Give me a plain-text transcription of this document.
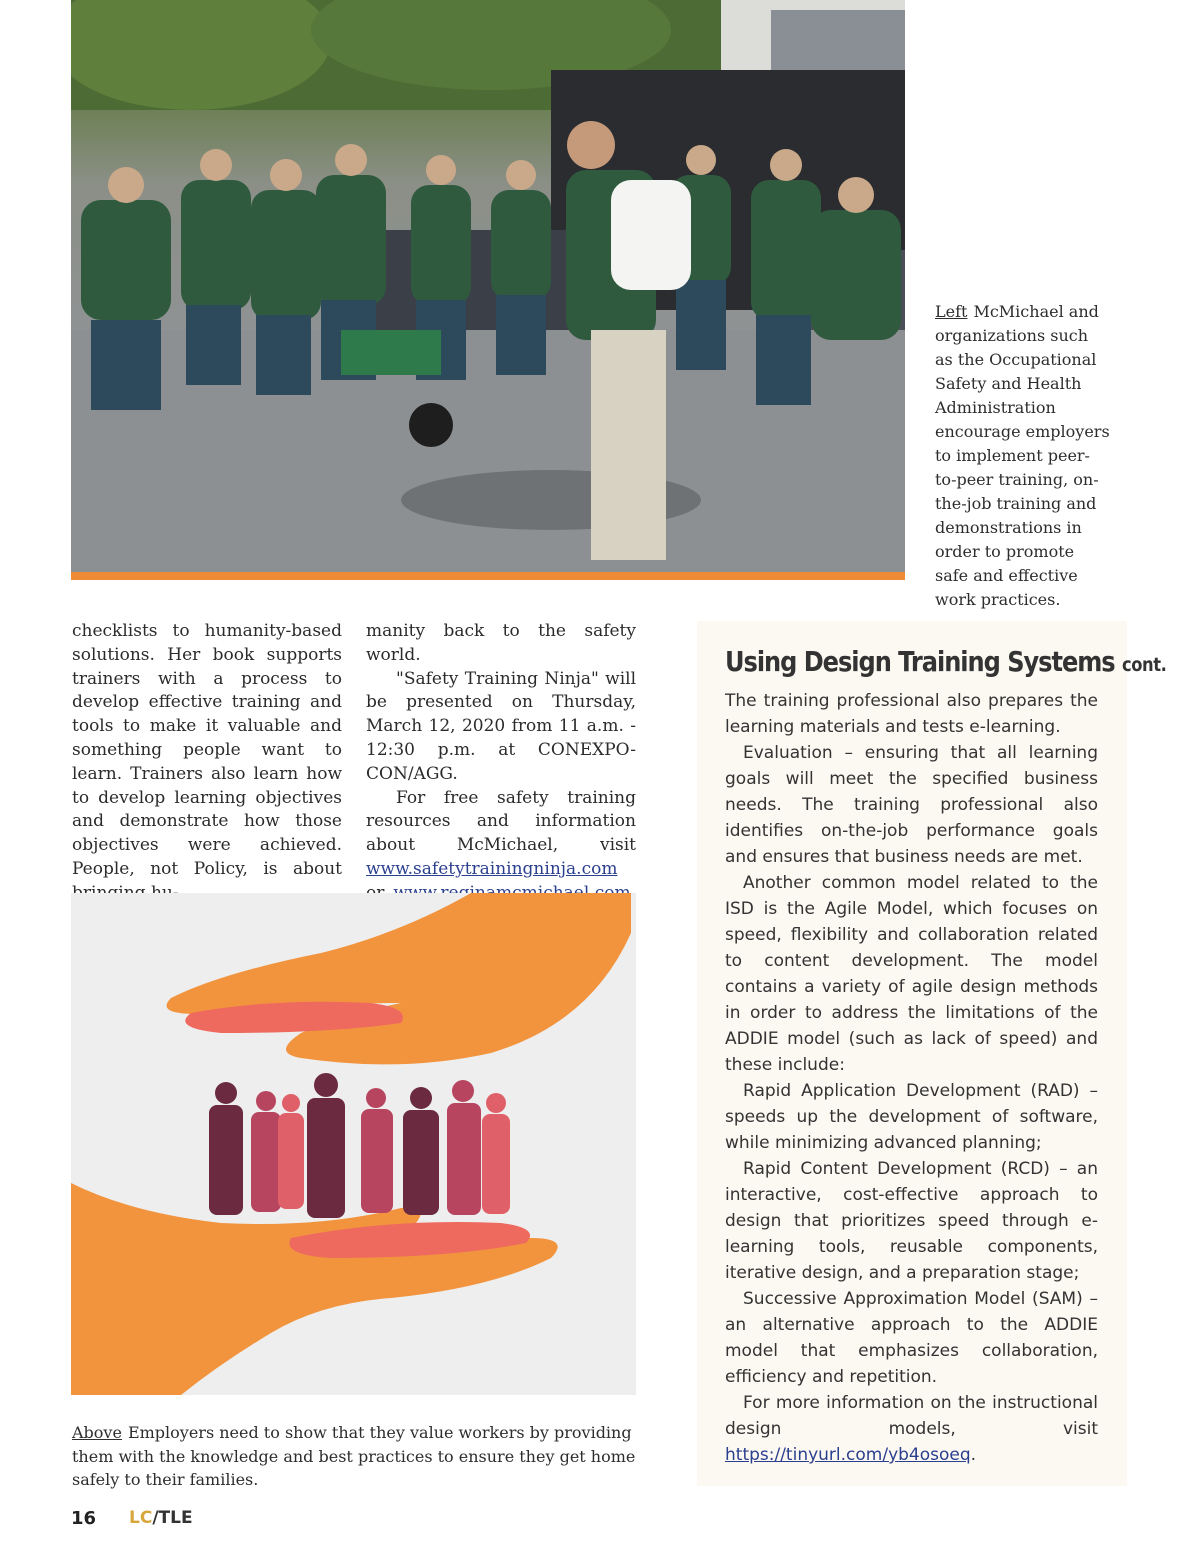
Left McMichael and organizations such as the Occupational Safety and Health Administration encourage employers to implement peer-to-peer training, on-the-job training and demonstrations in order to promote safe and effective work practices.

checklists to humanity-based solutions. Her book supports trainers with a process to develop effective training and tools to make it valuable and something people want to learn. Trainers also learn how to develop learning objectives and demonstrate how those objectives were achieved. People, not Policy, is about

manity back to the safety world.

"Safety Training Ninja" will be presented on Thursday, March 12, 2020 from 11 a.m. - 12:30 p.m. at CONEXPO-CON/AGG.

For free safety training resources and information about McMichael, visit www.safetytrainingninja.com

Above Employers need to show that they value workers by providing them with the knowledge and best practices to ensure they get home safely to their families.
Using Design Training Systems cont.

The training professional also prepares the learning materials and tests e-learning.

Evaluation – ensuring that all learning goals will meet the specified business needs. The training professional also identifies on-the-job performance goals and ensures that business needs are met.

Another common model related to the ISD is the Agile Model, which focuses on speed, flexibility and collaboration related to content development. The model contains a variety of agile design methods in order to address the limitations of the ADDIE model (such as lack of speed) and these include:

Rapid Application Development (RAD) – speeds up the development of software, while minimizing advanced planning;

Rapid Content Development (RCD) – an interactive, cost-effective approach to design that prioritizes speed through e-learning tools, reusable components, iterative design, and a preparation stage;

Successive Approximation Model (SAM) – an alternative approach to the ADDIE model that emphasizes collaboration, efficiency and repetition.

For more information on the instructional design models, visit https://tinyurl.com/yb4osoeq.

16 LC/TLE
